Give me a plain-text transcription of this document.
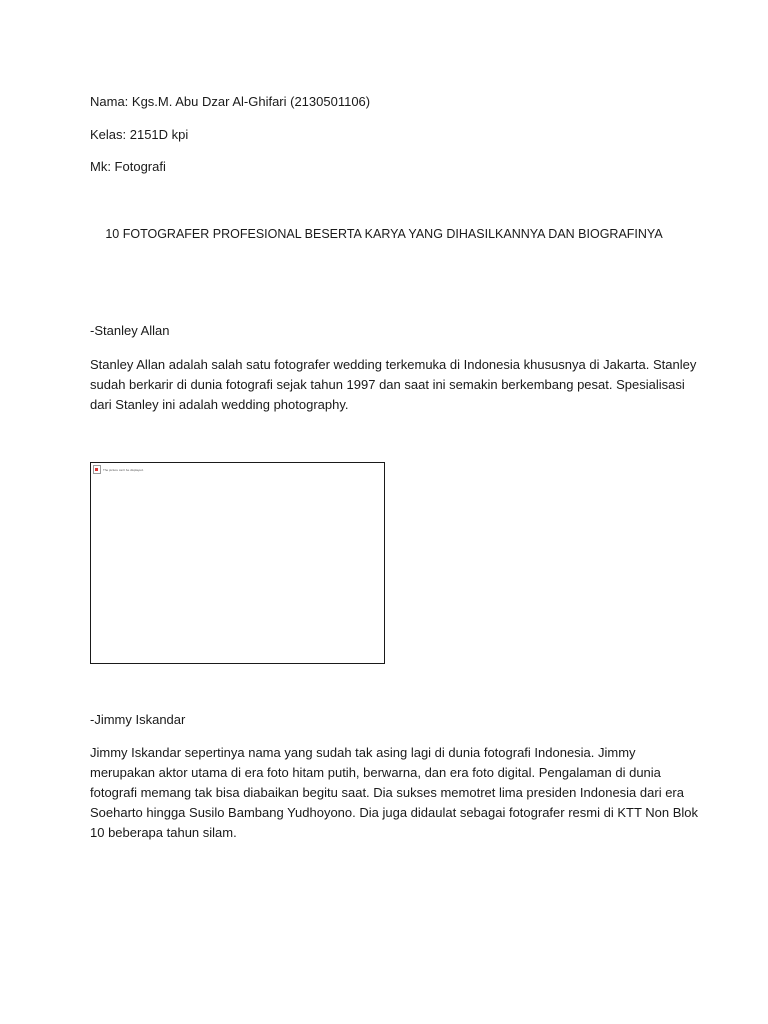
Nama: Kgs.M. Abu Dzar Al-Ghifari (2130501106)
Kelas: 2151D kpi
Mk: Fotografi
10 FOTOGRAFER PROFESIONAL BESERTA KARYA YANG DIHASILKANNYA DAN BIOGRAFINYA
-Stanley Allan
Stanley Allan adalah salah satu fotografer wedding terkemuka di Indonesia khususnya di Jakarta. Stanley
sudah berkarir di dunia fotografi sejak tahun 1997 dan saat ini semakin berkembang pesat. Spesialisasi
dari Stanley ini adalah wedding photography.
The picture can't be displayed.
-Jimmy Iskandar
Jimmy Iskandar sepertinya nama yang sudah tak asing lagi di dunia fotografi Indonesia. Jimmy
merupakan aktor utama di era foto hitam putih, berwarna, dan era foto digital. Pengalaman di dunia
fotografi memang tak bisa diabaikan begitu saat. Dia sukses memotret lima presiden Indonesia dari era
Soeharto hingga Susilo Bambang Yudhoyono. Dia juga didaulat sebagai fotografer resmi di KTT Non Blok
10 beberapa tahun silam.
